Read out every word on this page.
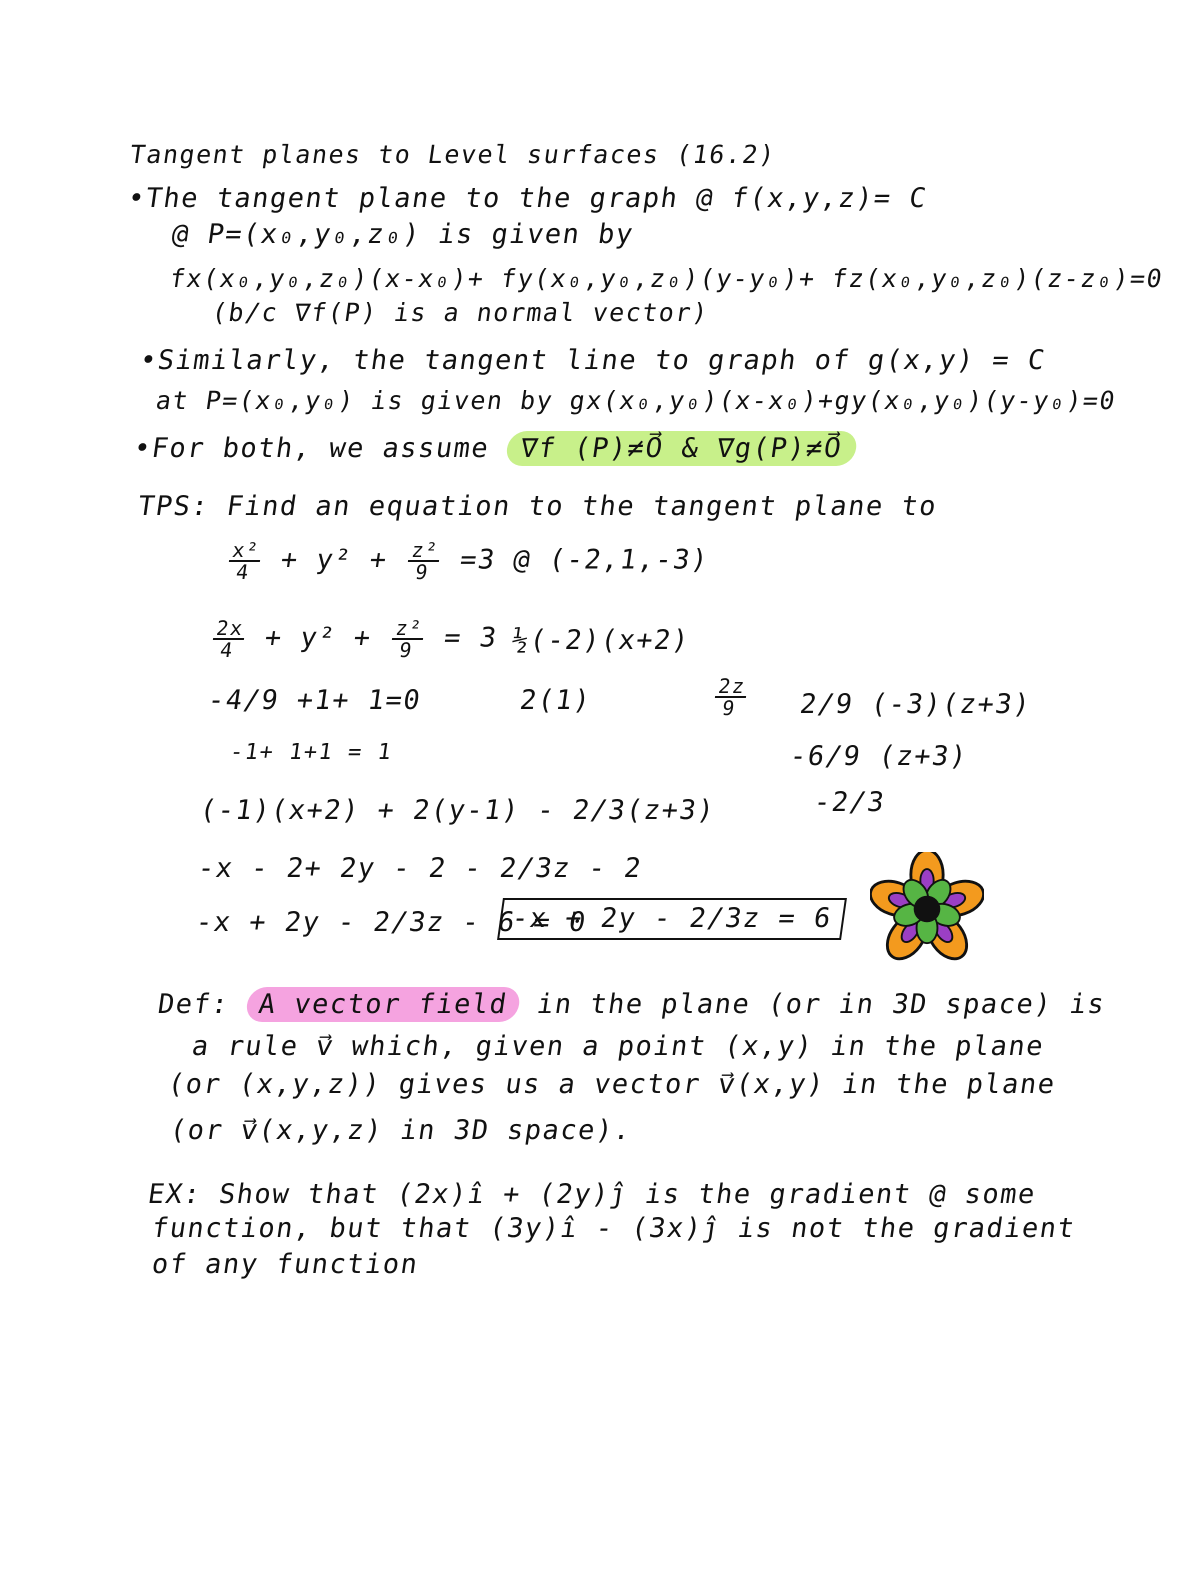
Tangent planes to Level surfaces (16.2)
•The tangent plane to the graph @ f(x,y,z)= C
@ P=(x₀,y₀,z₀) is given by
fx(x₀,y₀,z₀)(x-x₀)+ fy(x₀,y₀,z₀)(y-y₀)+ fz(x₀,y₀,z₀)(z-z₀)=0
(b/c ∇f(P) is a normal vector)
•Similarly, the tangent line to graph of g(x,y) = C
at P=(x₀,y₀) is given by gx(x₀,y₀)(x-x₀)+gy(x₀,y₀)(y-y₀)=0
•For both, we assume ∇f (P)≠0⃗ & ∇g(P)≠0⃗
TPS: Find an equation to the tangent plane to
$\frac{\text{x²}}{4} + y^2 + \frac{\text{z²}}{9} =3$ @ (-2,1,-3)
$\frac{2x}{4} + y^2 + \frac{\text{z²}}{9} = 3$ ½(-2)(x+2)
-4/9 +1+ 1=0	2(1)	$\frac{2z}{9} 2/9$ (-3)(z+3)
-1+ 1+1 = 1	-6/9 (z+3)
(-1)(x+2) + 2(y-1) - 2/3(z+3)	-2/3
-x - 2+ 2y - 2 - 2/3z - 2
-x + 2y - 2/3z - 6 = 0
-x + 2y - 2/3z = 6
Def: A vector field in the plane (or in 3D space) is
a rule v⃗ which, given a point (x,y) in the plane
(or (x,y,z)) gives us a vector v⃗(x,y) in the plane
(or v⃗(x,y,z) in 3D space).
EX: Show that (2x)î + (2y)ĵ is the gradient @ some
function, but that (3y)î - (3x)ĵ is not the gradient
of any function
